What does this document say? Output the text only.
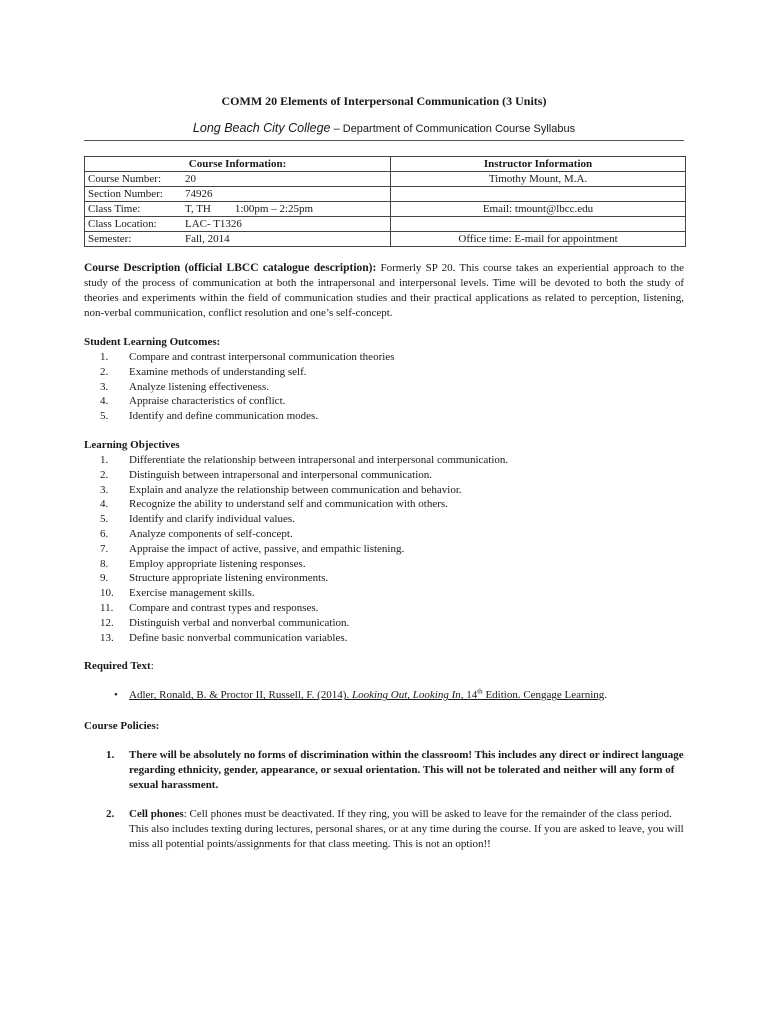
COMM 20 Elements of Interpersonal Communication (3 Units)

Long Beach City College – Department of Communication Course Syllabus

Course Information:	Instructor Information
Course Number: 20	Timothy Mount, M.A.
Section Number: 74926	
Class Time: T, TH 1:00pm – 2:25pm	Email: tmount@lbcc.edu
Class Location: LAC- T1326	
Semester: Fall, 2014	Office time: E-mail for appointment

Course Description (official LBCC catalogue description): Formerly SP 20. This course takes an experiential approach to the study of the process of communication at both the intrapersonal and interpersonal levels. Time will be devoted to both the study of theories and experiments within the field of communication studies and their practical applications as related to perception, listening, non-verbal communication, conflict resolution and one’s self-concept.

Student Learning Outcomes:

1.	Compare and contrast interpersonal communication theories
2.	Examine methods of understanding self.
3.	Analyze listening effectiveness.
4.	Appraise characteristics of conflict.
5.	Identify and define communication modes.

Learning Objectives

1.	Differentiate the relationship between intrapersonal and interpersonal communication.
2.	Distinguish between intrapersonal and interpersonal communication.
3.	Explain and analyze the relationship between communication and behavior.
4.	Recognize the ability to understand self and communication with others.
5.	Identify and clarify individual values.
6.	Analyze components of self-concept.
7.	Appraise the impact of active, passive, and empathic listening.
8.	Employ appropriate listening responses.
9.	Structure appropriate listening environments.
10.	Exercise management skills.
11.	Compare and contrast types and responses.
12.	Distinguish verbal and nonverbal communication.
13.	Define basic nonverbal communication variables.

Required Text:

• Adler, Ronald, B. & Proctor II, Russell, F. (2014). Looking Out, Looking In, 14th Edition. Cengage Learning.

Course Policies:

1. There will be absolutely no forms of discrimination within the classroom! This includes any direct or indirect language regarding ethnicity, gender, appearance, or sexual orientation. This will not be tolerated and neither will any form of sexual harassment.
2. Cell phones: Cell phones must be deactivated. If they ring, you will be asked to leave for the remainder of the class period. This also includes texting during lectures, personal shares, or at any time during the course. If you are asked to leave, you will miss all potential points/assignments for that class meeting. This is not an option!!
